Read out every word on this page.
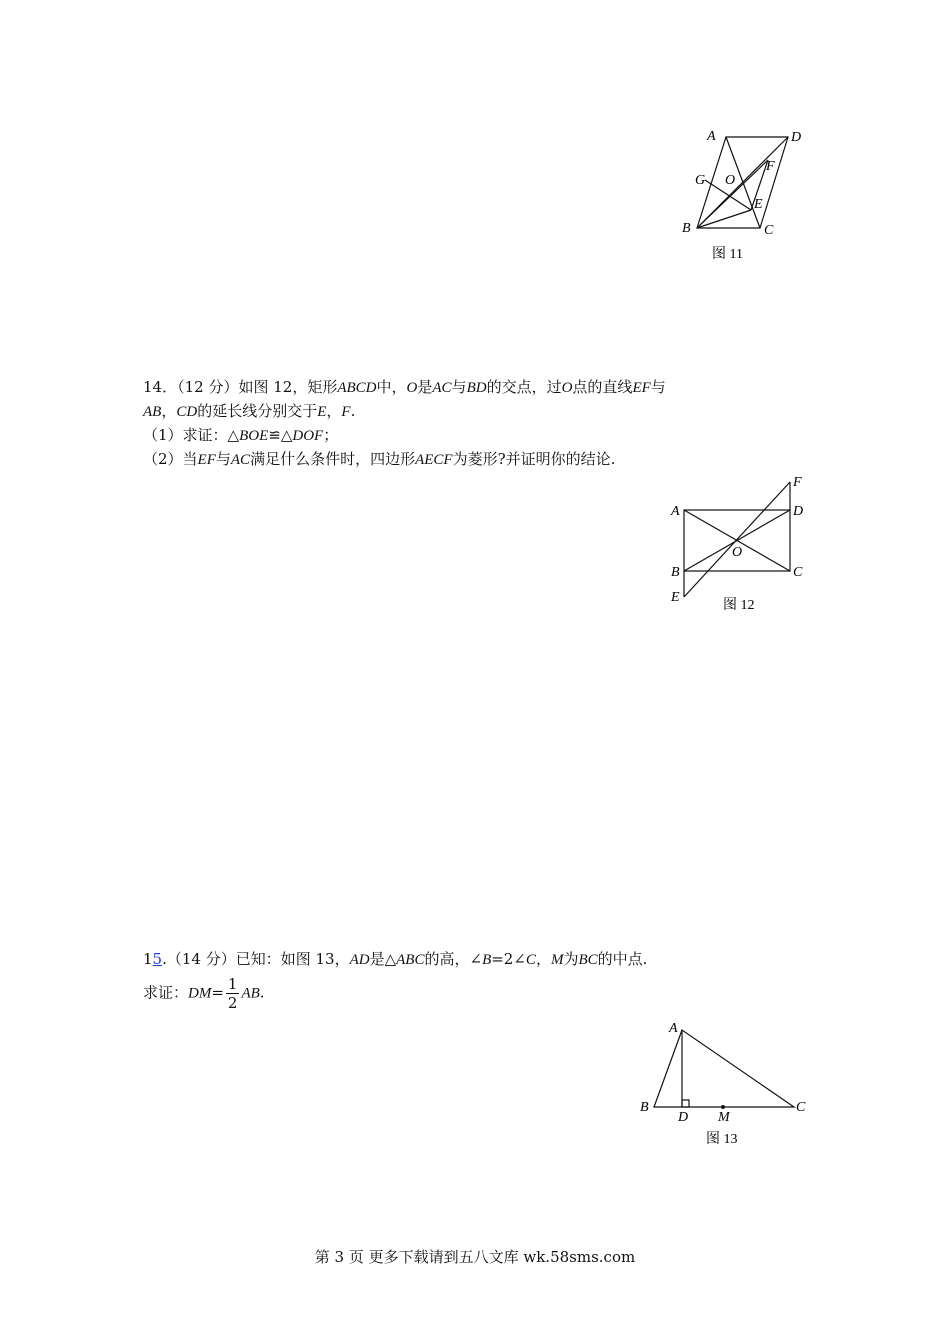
A	D
G O
F
E
B	C
图 11
14．（12 分）如图 12，矩形ABCD中，O是AC与BD的交点，过O点的直线EF与
AB，CD的延长线分别交于E，F.
（1）求证：△BOE≌△DOF；
（2）当EF与AC满足什么条件时，四边形AECF为菱形?并证明你的结论.
F
A	D
O
B	C
E
图 12
15.（14 分）已知：如图 13，AD是△ABC的高，∠B=2∠C，M为BC的中点.
求证：$DM= \frac{1}{2}$ AB.
A
B
D M
C
图 13
第 3 页 更多下载请到五八文库 wk.58sms.com
